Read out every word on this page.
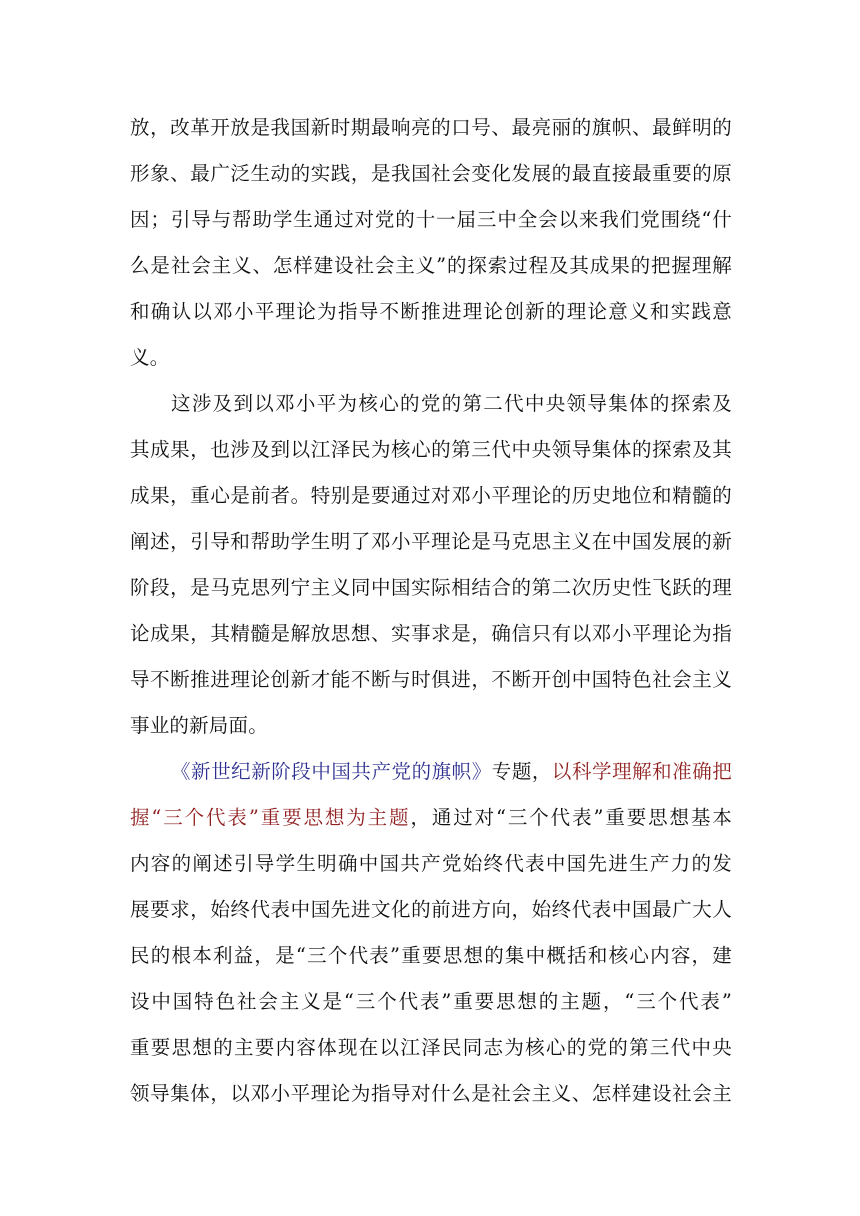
放，改革开放是我国新时期最响亮的口号、最亮丽的旗帜、最鲜明的
形象、最广泛生动的实践，是我国社会变化发展的最直接最重要的原
因；引导与帮助学生通过对党的十一届三中全会以来我们党围绕“什
么是社会主义、怎样建设社会主义”的探索过程及其成果的把握理解
和确认以邓小平理论为指导不断推进理论创新的理论意义和实践意
义。
这涉及到以邓小平为核心的党的第二代中央领导集体的探索及
其成果，也涉及到以江泽民为核心的第三代中央领导集体的探索及其
成果，重心是前者。特别是要通过对邓小平理论的历史地位和精髓的
阐述，引导和帮助学生明了邓小平理论是马克思主义在中国发展的新
阶段，是马克思列宁主义同中国实际相结合的第二次历史性飞跃的理
论成果，其精髓是解放思想、实事求是，确信只有以邓小平理论为指
导不断推进理论创新才能不断与时俱进，不断开创中国特色社会主义
事业的新局面。
《新世纪新阶段中国共产党的旗帜》专题，以科学理解和准确把
握“三个代表”重要思想为主题，通过对“三个代表”重要思想基本
内容的阐述引导学生明确中国共产党始终代表中国先进生产力的发
展要求，始终代表中国先进文化的前进方向，始终代表中国最广大人
民的根本利益，是“三个代表”重要思想的集中概括和核心内容，建
设中国特色社会主义是“三个代表”重要思想的主题，“三个代表”
重要思想的主要内容体现在以江泽民同志为核心的党的第三代中央
领导集体，以邓小平理论为指导对什么是社会主义、怎样建设社会主
